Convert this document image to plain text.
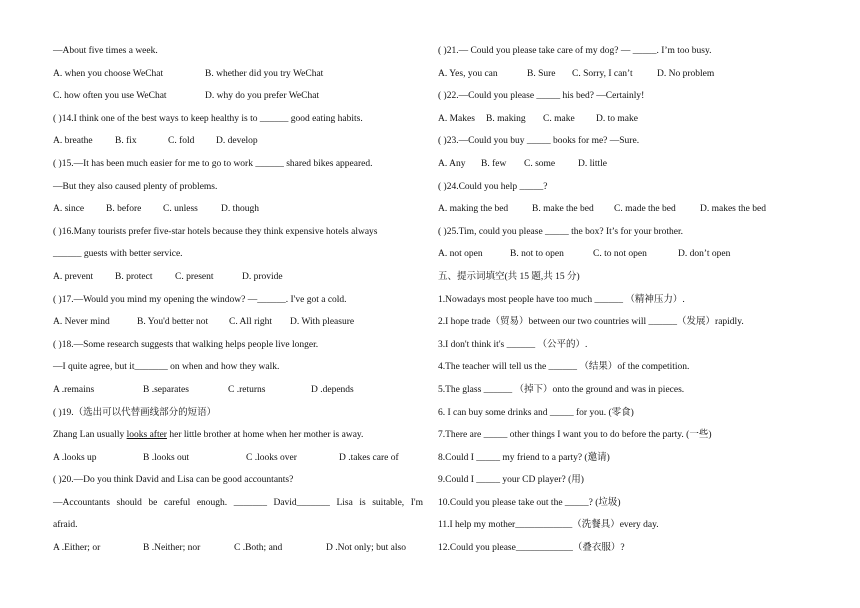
—About five times a week.
A. when you choose WeChat	B. whether did you try WeChat
C. how often you use WeChat	D. why do you prefer WeChat
( )14.I think one of the best ways to keep healthy is to ______ good eating habits.
A. breathe B. fix	C. fold D. develop
( )15.—It has been much easier for me to go to work ______ shared bikes appeared.
—But they also caused plenty of problems.
A. since B. before C. unless D. though
( )16.Many tourists prefer five-star hotels because they think expensive hotels always
______ guests with better service.
A. prevent B. protect C. present	D. provide
( )17.—Would you mind my opening the window? —______. I've got a cold.
A. Never mind	B. You'd better not C. All right D. With pleasure
( )18.—Some research suggests that walking helps people live longer.
—I quite agree, but it_______ on when and how they walk.
A .remains	B .separates	C .returns	D .depends
( )19.（选出可以代替画线部分的短语）
Zhang Lan usually looks after her little brother at home when her mother is away.
A .looks up	B .looks out	C .looks over	D .takes care of
( )20.—Do you think David and Lisa can be good accountants?
—Accountants should be careful enough. _______ David_______ Lisa is suitable, I'm
afraid.
A .Either; or	B .Neither; nor	C .Both; and	D .Not only; but also
( )21.— Could you please take care of my dog? — _____. I’m too busy.
A. Yes, you can	B. Sure C. Sorry, I can’t	D. No problem
( )22.—Could you please _____ his bed? —Certainly!
A. Makes B. making C. make D. to make
( )23.—Could you buy _____ books for me? —Sure.
A. Any B. few C. some D. little
( )24.Could you help _____?
A. making the bed	B. make the bed C. made the bed	D. makes the bed
( )25.Tim, could you please _____ the box? It’s for your brother.
A. not open	B. not to open	C. to not open	D. don’t open
五、提示词填空(共 15 题,共 15 分)
1.Nowadays most people have too much ______ （精神压力）.
2.I hope trade（贸易）between our two countries will ______（发展）rapidly.
3.I don't think it's ______ （公平的）.
4.The teacher will tell us the ______ （结果）of the competition.
5.The glass ______ （掉下）onto the ground and was in pieces.
6. I can buy some drinks and _____ for you. (零食)
7.There are _____ other things I want you to do before the party. (一些)
8.Could I _____ my friend to a party? (邀请)
9.Could I _____ your CD player? (用)
10.Could you please take out the _____? (垃圾)
11.I help my mother____________（洗餐具）every day.
12.Could you please____________（叠衣服）?
